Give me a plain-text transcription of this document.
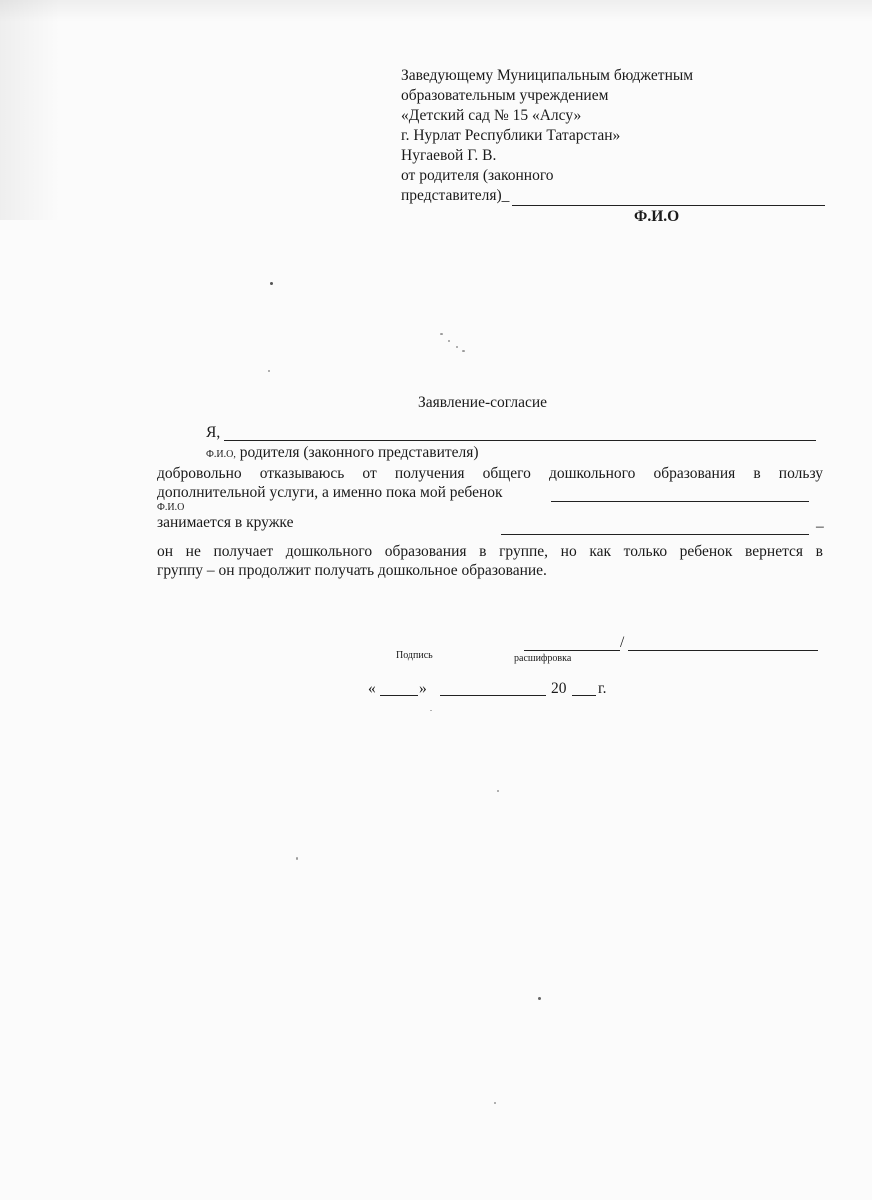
Заведующему Муниципальным бюджетным
образовательным учреждением
«Детский сад № 15 «Алсу»
г. Нурлат Республики Татарстан»
Нугаевой Г. В.
от родителя (законного
представителя)_
Ф.И.О
Заявление-согласие
Я,
Ф.И.О, родителя (законного представителя)
добровольно отказываюсь от получения общего дошкольного образования в пользу
дополнительной услуги, а именно пока мой ребенок
Ф.И.О
занимается в кружке	–
он не получает дошкольного образования в группе, но как только ребенок вернется в
группу – он продолжит получать дошкольное образование.
/
Подпись	расшифровка
«	»	20 г.
